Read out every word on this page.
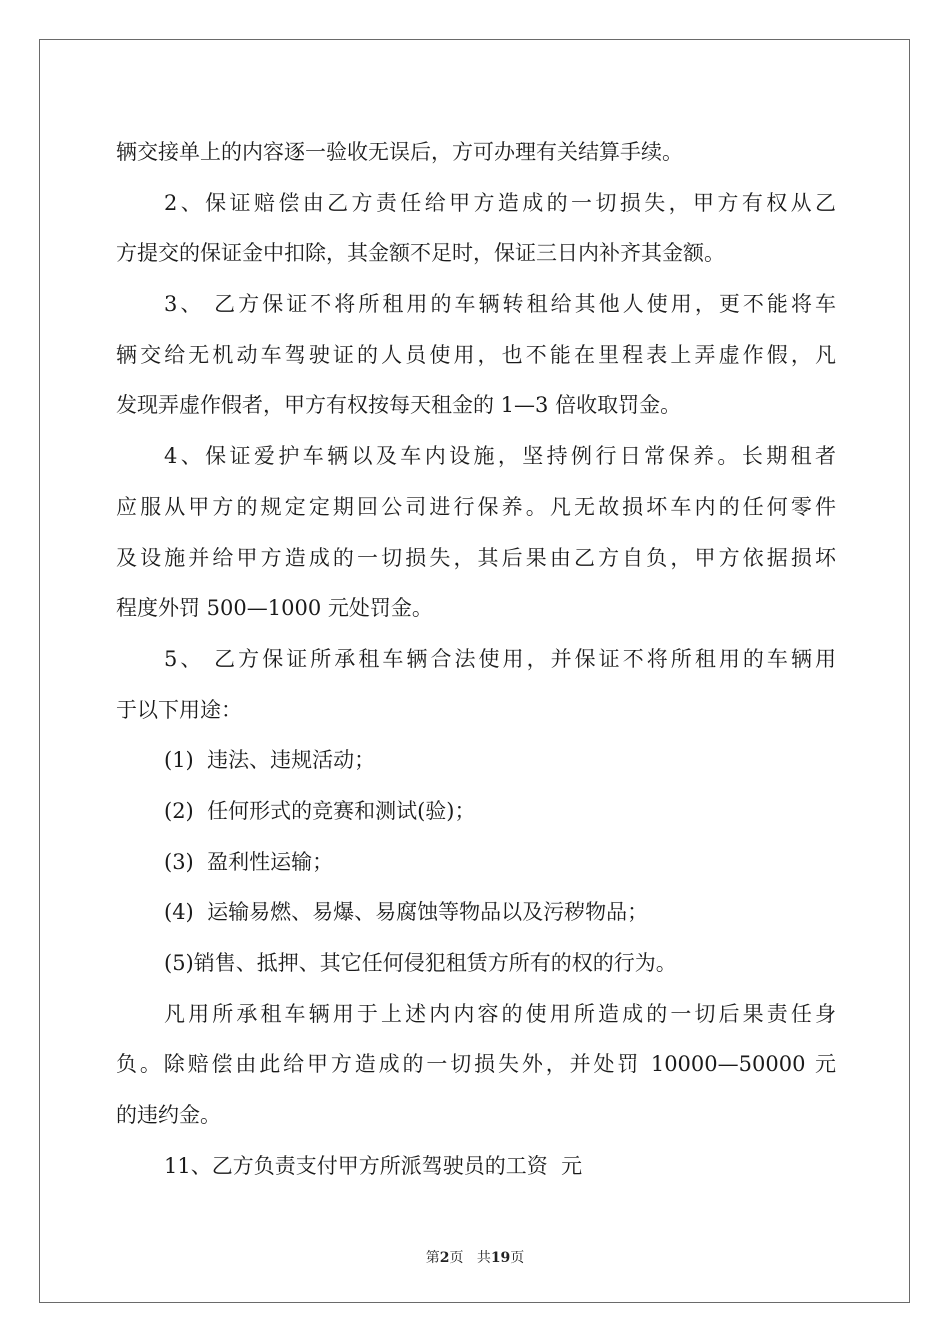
辆交接单上的内容逐一验收无误后，方可办理有关结算手续。
2、保证赔偿由乙方责任给甲方造成的一切损失，甲方有权从乙
方提交的保证金中扣除，其金额不足时，保证三日内补齐其金额。
3、 乙方保证不将所租用的车辆转租给其他人使用，更不能将车
辆交给无机动车驾驶证的人员使用，也不能在里程表上弄虚作假，凡
发现弄虚作假者，甲方有权按每天租金的 1—3 倍收取罚金。
4、保证爱护车辆以及车内设施，坚持例行日常保养。长期租者
应服从甲方的规定定期回公司进行保养。凡无故损坏车内的任何零件
及设施并给甲方造成的一切损失，其后果由乙方自负，甲方依据损坏
程度外罚 500—1000 元处罚金。
5、 乙方保证所承租车辆合法使用，并保证不将所租用的车辆用
于以下用途：
(1)  违法、违规活动；
(2)  任何形式的竞赛和测试(验)；
(3)  盈利性运输；
(4)  运输易燃、易爆、易腐蚀等物品以及污秽物品；
(5)销售、抵押、其它任何侵犯租赁方所有的权的行为。
凡用所承租车辆用于上述内内容的使用所造成的一切后果责任身
负。除赔偿由此给甲方造成的一切损失外，并处罚 10000—50000 元
的违约金。
11、乙方负责支付甲方所派驾驶员的工资  元
第2页 共19页
